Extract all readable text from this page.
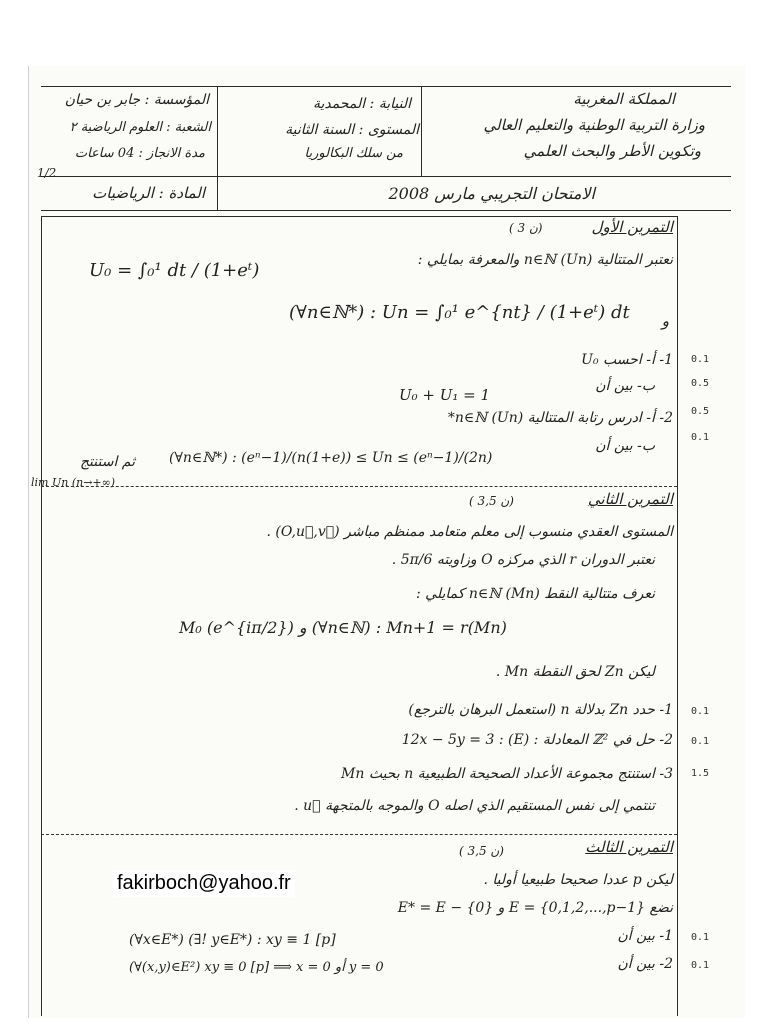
المملكة المغربية
وزارة التربية الوطنية والتعليم العالي
وتكوين الأطر والبحث العلمي
النيابة : المحمدية
المستوى : السنة الثانية
من سلك البكالوريا
المؤسسة : جابر بن حيان
الشعبة : العلوم الرياضية ٢
مدة الانجاز : 04 ساعات
1/2
الامتحان التجريبي مارس 2008
المادة : الرياضيات
التمرين الأول
( 3 ن)
نعتبر المتتالية (Un) n∈ℕ والمعرفة بمايلي :
U₀ = ∫₀¹ dt / (1+eᵗ)
و
(∀n∈ℕ*) : Un = ∫₀¹ e^{nt} / (1+eᵗ) dt
1- أ- احسب U₀
ب- بين أن
U₀ + U₁ = 1
2- أ- ادرس رتابة المتتالية (Un) n∈ℕ*
ب- بين أن
(∀n∈ℕ*) : (eⁿ−1)/(n(1+e)) ≤ Un ≤ (eⁿ−1)/(2n)
ثم استنتج
lim Un (n→+∞)
0.1
0.5
0.5
0.1
التمرين الثاني
( 3,5 ن)
المستوى العقدي منسوب إلى معلم متعامد ممنظم مباشر (O,u⃗,v⃗) .
نعتبر الدوران r الذي مركزه O وزاويته 5π/6 .
نعرف متتالية النقط (Mn) n∈ℕ كمايلي :
M₀ (e^{iπ/2}) و (∀n∈ℕ) : Mn+1 = r(Mn)
ليكن Zn لحق النقطة Mn .
1- حدد Zn بدلالة n (استعمل البرهان بالترجع)
2- حل في ℤ² المعادلة : (E) : 12x − 5y = 3
3- استنتج مجموعة الأعداد الصحيحة الطبيعية n بحيث Mn
تنتمي إلى نفس المستقيم الذي اصله O والموجه بالمتجهة u⃗ .
0.1
0.1
1.5
التمرين الثالث
( 3,5 ن)
ليكن p عددا صحيحا طبيعيا أوليا .
نضع E = {0,1,2,...,p−1} و E* = E − {0}
1- بين أن
(∀x∈E*) (∃! y∈E*) : xy ≡ 1 [p]
2- بين أن
(∀(x,y)∈E²) xy ≡ 0 [p] ⟹ x = 0 أو y = 0
0.1
0.1
fakirboch@yahoo.fr
